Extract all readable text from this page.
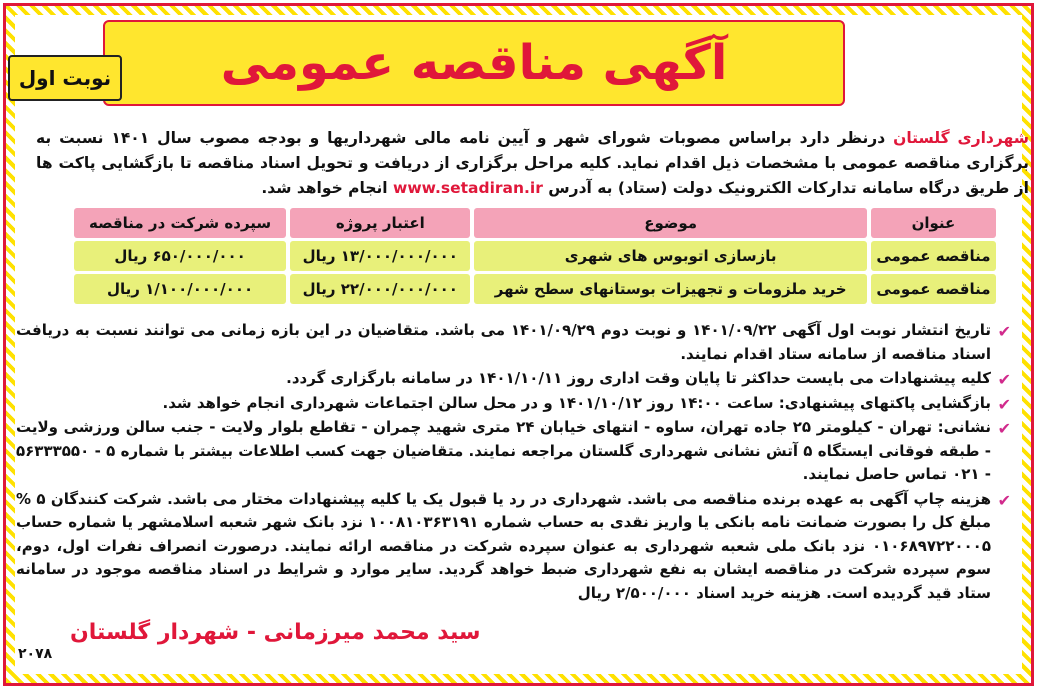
آگهی مناقصه عمومی
نوبت اول
شهرداری گلستان درنظر دارد براساس مصوبات شورای شهر و آیین نامه مالی شهرداریها و بودجه مصوب سال ۱۴۰۱ نسبت به برگزاری مناقصه عمومی با مشخصات ذیل اقدام نماید. کلیه مراحل برگزاری از دریافت و تحویل اسناد مناقصه تا بازگشایی پاکت ها از طریق درگاه سامانه تدارکات الکترونیک دولت (ستاد) به آدرس www.setadiran.ir انجام خواهد شد.
عنوان	موضوع	اعتبار پروژه	سپرده شرکت در مناقصه
مناقصه عمومی	بازسازی اتوبوس های شهری	۱۳/۰۰۰/۰۰۰/۰۰۰ ریال	۶۵۰/۰۰۰/۰۰۰ ریال
مناقصه عمومی	خرید ملزومات و تجهیزات بوستانهای سطح شهر	۲۲/۰۰۰/۰۰۰/۰۰۰ ریال	۱/۱۰۰/۰۰۰/۰۰۰ ریال
✔
تاریخ انتشار نوبت اول آگهی ۱۴۰۱/۰۹/۲۲ و نوبت دوم ۱۴۰۱/۰۹/۲۹ می باشد. متقاضیان در این بازه زمانی می توانند نسبت به دریافت اسناد مناقصه از سامانه ستاد اقدام نمایند.
✔
کلیه پیشنهادات می بایست حداکثر تا پایان وقت اداری روز ۱۴۰۱/۱۰/۱۱ در سامانه بارگزاری گردد.
✔
بازگشایی پاکتهای پیشنهادی: ساعت ۱۴:۰۰ روز ۱۴۰۱/۱۰/۱۲ و در محل سالن اجتماعات شهرداری انجام خواهد شد.
✔
نشانی: تهران - کیلومتر ۲۵ جاده تهران، ساوه - انتهای خیابان ۲۴ متری شهید چمران - تقاطع بلوار ولایت - جنب سالن ورزشی ولایت - طبقه فوقانی ایستگاه ۵ آتش نشانی شهرداری گلستان مراجعه نمایند. متقاضیان جهت کسب اطلاعات بیشتر با شماره ۵ - ۵۶۳۳۳۵۵۰ - ۰۲۱ تماس حاصل نمایند.
✔
هزینه چاپ آگهی به عهده برنده مناقصه می باشد. شهرداری در رد یا قبول یک یا کلیه پیشنهادات مختار می باشد. شرکت کنندگان ۵ % مبلغ کل را بصورت ضمانت نامه بانکی یا واریز نقدی به حساب شماره ۱۰۰۸۱۰۳۶۳۱۹۱ نزد بانک شهر شعبه اسلامشهر یا شماره حساب ۰۱۰۶۸۹۷۲۲۰۰۰۵ نزد بانک ملی شعبه شهرداری به عنوان سپرده شرکت در مناقصه ارائه نمایند. درصورت انصراف نفرات اول، دوم، سوم سپرده شرکت در مناقصه ایشان به نفع شهرداری ضبط خواهد گردید. سایر موارد و شرایط در اسناد مناقصه موجود در سامانه ستاد قید گردیده است. هزینه خرید اسناد ۲/۵۰۰/۰۰۰ ریال
سید محمد میرزمانی - شهردار گلستان
۲۰۷۸
